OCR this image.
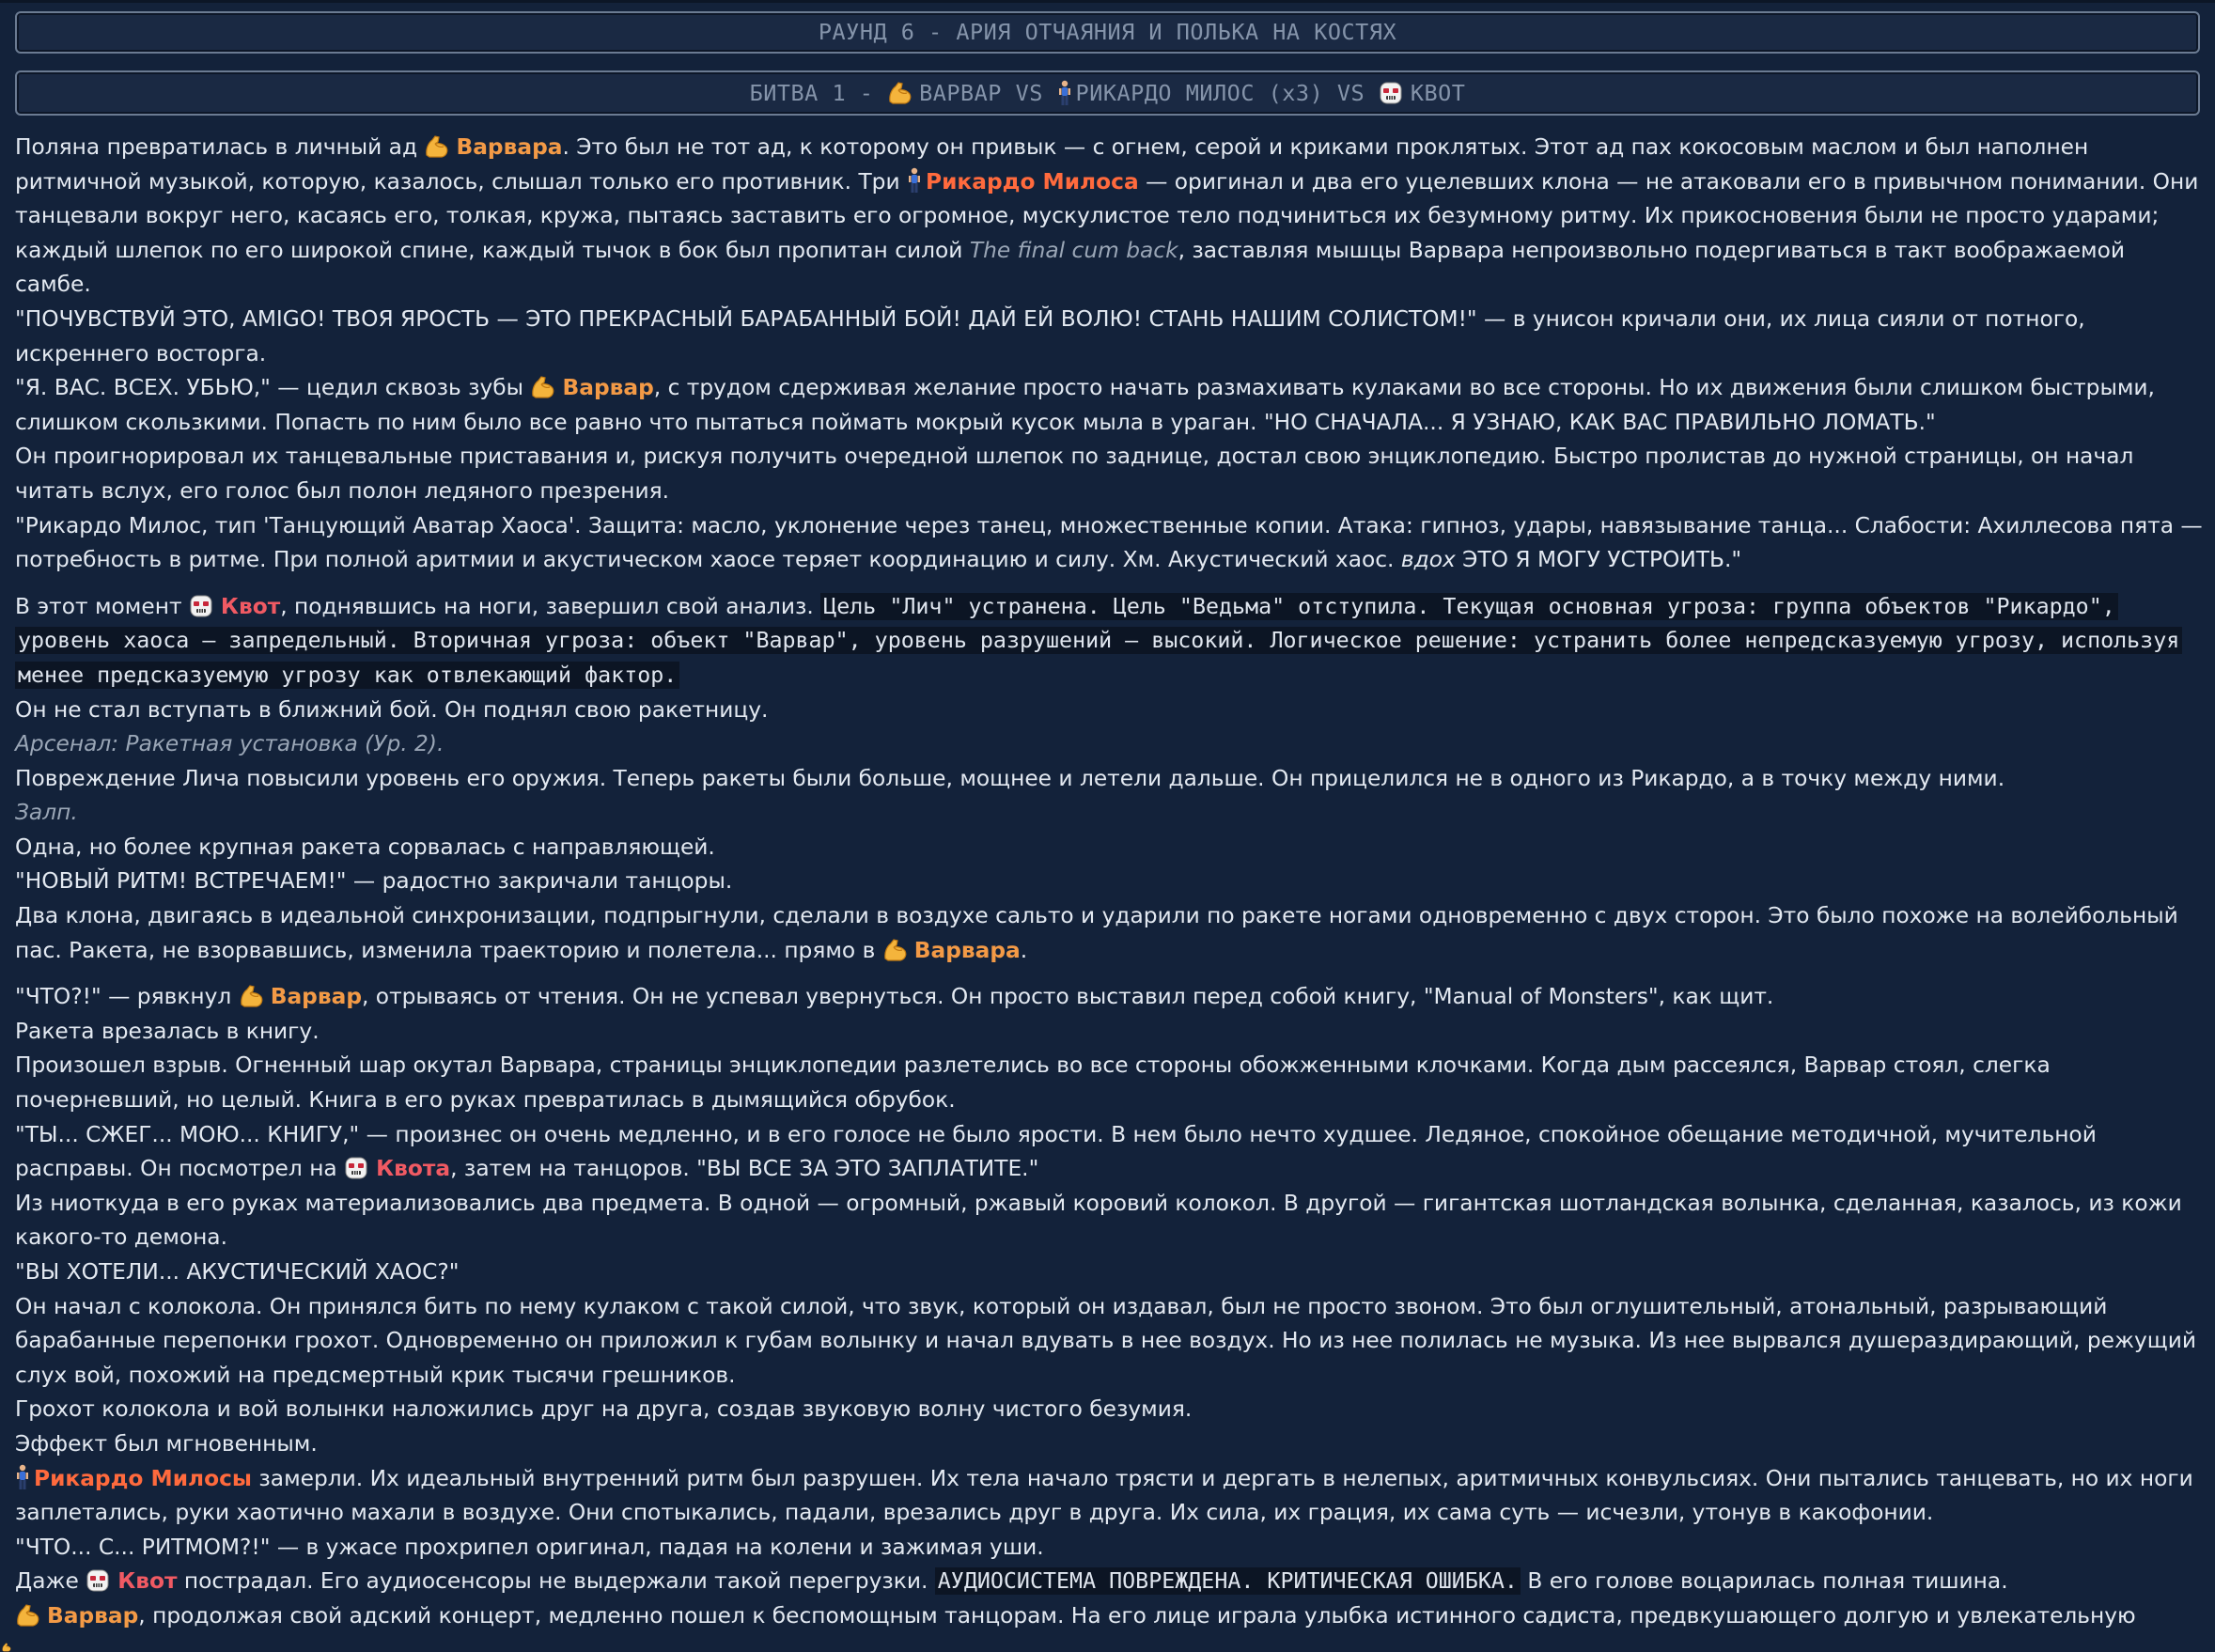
РАУНД 6 - АРИЯ ОТЧАЯНИЯ И ПОЛЬКА НА КОСТЯХ
БИТВА 1 - ВАРВАР VS РИКАРДО МИЛОС (x3) VS КВОТ

Поляна превратилась в личный ад Варвара. Это был не тот ад, к которому он привык — с огнем, серой и криками проклятых. Этот ад пах кокосовым маслом и был наполнен ритмичной музыкой, которую, казалось, слышал только его противник. Три Рикардо Милоса — оригинал и два его уцелевших клона — не атаковали его в привычном понимании. Они танцевали вокруг него, касаясь его, толкая, кружа, пытаясь заставить его огромное, мускулистое тело подчиниться их безумному ритму. Их прикосновения были не просто ударами; каждый шлепок по его широкой спине, каждый тычок в бок был пропитан силой The final cum back, заставляя мышцы Варвара непроизвольно подергиваться в такт воображаемой самбе.

"ПОЧУВСТВУЙ ЭТО, AMIGO! ТВОЯ ЯРОСТЬ — ЭТО ПРЕКРАСНЫЙ БАРАБАННЫЙ БОЙ! ДАЙ ЕЙ ВОЛЮ! СТАНЬ НАШИМ СОЛИСТОМ!" — в унисон кричали они, их лица сияли от потного, искреннего восторга.

"Я. ВАС. ВСЕХ. УБЬЮ," — цедил сквозь зубы Варвар, с трудом сдерживая желание просто начать размахивать кулаками во все стороны. Но их движения были слишком быстрыми, слишком скользкими. Попасть по ним было все равно что пытаться поймать мокрый кусок мыла в ураган. "НО СНАЧАЛА... Я УЗНАЮ, КАК ВАС ПРАВИЛЬНО ЛОМАТЬ."

Он проигнорировал их танцевальные приставания и, рискуя получить очередной шлепок по заднице, достал свою энциклопедию. Быстро пролистав до нужной страницы, он начал читать вслух, его голос был полон ледяного презрения.

"Рикардо Милос, тип 'Танцующий Аватар Хаоса'. Защита: масло, уклонение через танец, множественные копии. Атака: гипноз, удары, навязывание танца... Слабости: Ахиллесова пята — потребность в ритме. При полной аритмии и акустическом хаосе теряет координацию и силу. Хм. Акустический хаос. вдох ЭТО Я МОГУ УСТРОИТЬ."

В этот момент Квот, поднявшись на ноги, завершил свой анализ. Цель "Лич" устранена. Цель "Ведьма" отступила. Текущая основная угроза: группа объектов "Рикардо", уровень хаоса — запредельный. Вторичная угроза: объект "Варвар", уровень разрушений — высокий. Логическое решение: устранить более непредсказуемую угрозу, используя менее предсказуемую угрозу как отвлекающий фактор.

Он не стал вступать в ближний бой. Он поднял свою ракетницу.

Арсенал: Ракетная установка (Ур. 2).

Повреждение Лича повысили уровень его оружия. Теперь ракеты были больше, мощнее и летели дальше. Он прицелился не в одного из Рикардо, а в точку между ними.

Залп.

Одна, но более крупная ракета сорвалась с направляющей.

"НОВЫЙ РИТМ! ВСТРЕЧАЕМ!" — радостно закричали танцоры.

Два клона, двигаясь в идеальной синхронизации, подпрыгнули, сделали в воздухе сальто и ударили по ракете ногами одновременно с двух сторон. Это было похоже на волейбольный пас. Ракета, не взорвавшись, изменила траекторию и полетела... прямо в Варвара.

"ЧТО?!" — рявкнул Варвар, отрываясь от чтения. Он не успевал увернуться. Он просто выставил перед собой книгу, "Manual of Monsters", как щит.

Ракета врезалась в книгу.

Произошел взрыв. Огненный шар окутал Варвара, страницы энциклопедии разлетелись во все стороны обожженными клочками. Когда дым рассеялся, Варвар стоял, слегка почерневший, но целый. Книга в его руках превратилась в дымящийся обрубок.

"ТЫ... СЖЕГ... МОЮ... КНИГУ," — произнес он очень медленно, и в его голосе не было ярости. В нем было нечто худшее. Ледяное, спокойное обещание методичной, мучительной расправы. Он посмотрел на Квота, затем на танцоров. "ВЫ ВСЕ ЗА ЭТО ЗАПЛАТИТЕ."

Из ниоткуда в его руках материализовались два предмета. В одной — огромный, ржавый коровий колокол. В другой — гигантская шотландская волынка, сделанная, казалось, из кожи какого-то демона.

"ВЫ ХОТЕЛИ... АКУСТИЧЕСКИЙ ХАОС?"

Он начал с колокола. Он принялся бить по нему кулаком с такой силой, что звук, который он издавал, был не просто звоном. Это был оглушительный, атональный, разрывающий барабанные перепонки грохот. Одновременно он приложил к губам волынку и начал вдувать в нее воздух. Но из нее полилась не музыка. Из нее вырвался душераздирающий, режущий слух вой, похожий на предсмертный крик тысячи грешников.

Грохот колокола и вой волынки наложились друг на друга, создав звуковую волну чистого безумия.

Эффект был мгновенным.

Рикардо Милосы замерли. Их идеальный внутренний ритм был разрушен. Их тела начало трясти и дергать в нелепых, аритмичных конвульсиях. Они пытались танцевать, но их ноги заплетались, руки хаотично махали в воздухе. Они спотыкались, падали, врезались друг в друга. Их сила, их грация, их сама суть — исчезли, утонув в какофонии.

"ЧТО... С... РИТМОМ?!" — в ужасе прохрипел оригинал, падая на колени и зажимая уши.

Даже Квот пострадал. Его аудиосенсоры не выдержали такой перегрузки. АУДИОСИСТЕМА ПОВРЕЖДЕНА. КРИТИЧЕСКАЯ ОШИБКА. В его голове воцарилась полная тишина.

Варвар, продолжая свой адский концерт, медленно пошел к беспомощным танцорам. На его лице играла улыбка истинного садиста, предвкушающего долгую и увлекательную
